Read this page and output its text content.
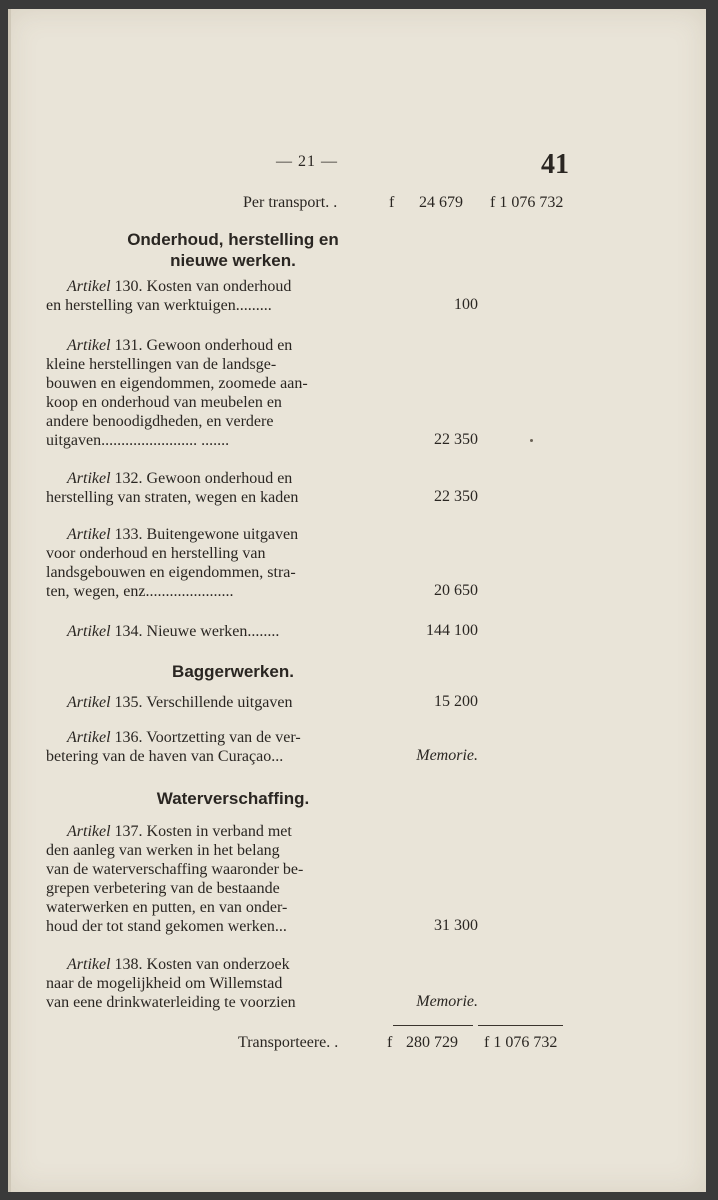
— 21 —	41
Per transport. .	f 24 679 f 1 076 732
Onderhoud, herstelling en
nieuwe werken.
Artikel 130. Kosten van onderhoud
en herstelling van werktuigen.........	100
Artikel 131. Gewoon onderhoud en
kleine herstellingen van de landsge-
bouwen en eigendommen, zoomede aan-
koop en onderhoud van meubelen en
andere benoodigdheden, en verdere
uitgaven........................ .......	22 350
Artikel 132. Gewoon onderhoud en
herstelling van straten, wegen en kaden	22 350
Artikel 133. Buitengewone uitgaven
voor onderhoud en herstelling van
landsgebouwen en eigendommen, stra-
ten, wegen, enz......................	20 650
Artikel 134. Nieuwe werken........	144 100
Baggerwerken.
Artikel 135. Verschillende uitgaven	15 200
Artikel 136. Voortzetting van de ver-
betering van de haven van Curaçao...	Memorie.
Waterverschaffing.
Artikel 137. Kosten in verband met
den aanleg van werken in het belang
van de waterverschaffing waaronder be-
grepen verbetering van de bestaande
waterwerken en putten, en van onder-
houd der tot stand gekomen werken...	31 300
Artikel 138. Kosten van onderzoek
naar de mogelijkheid om Willemstad
van eene drinkwaterleiding te voorzien	Memorie.
Transporteere. .	f 280 729 f 1 076 732
